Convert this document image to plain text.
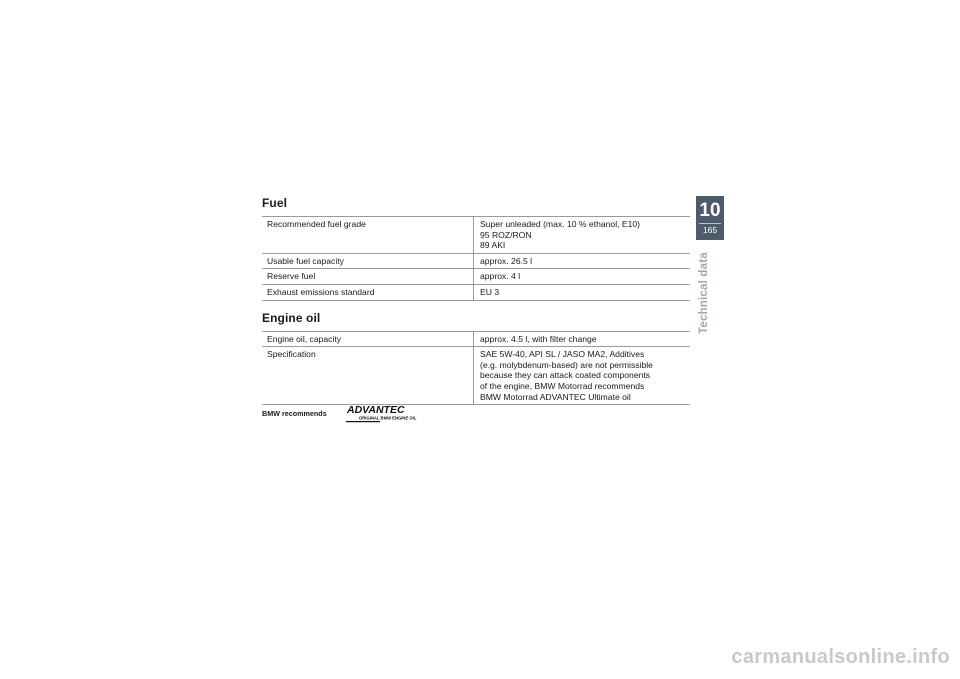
Fuel
Recommended fuel grade	Super unleaded (max. 10 % ethanol, E10)
95 ROZ/RON
89 AKI

Usable fuel capacity	approx. 26.5 l
Reserve fuel	approx. 4 l
Exhaust emissions standard	EU 3
Engine oil
Engine oil, capacity	approx. 4.5 l, with filter change
Specification	SAE 5W-40, API SL / JASO MA2, Additives
(e.g. molybdenum-based) are not permissible
because they can attack coated components
of the engine, BMW Motorrad recommends
BMW Motorrad ADVANTEC Ultimate oil
BMW recommends ADVANTEC
ORIGINAL BMW ENGINE OIL
10
165
Technical data
carmanualsonline.info
